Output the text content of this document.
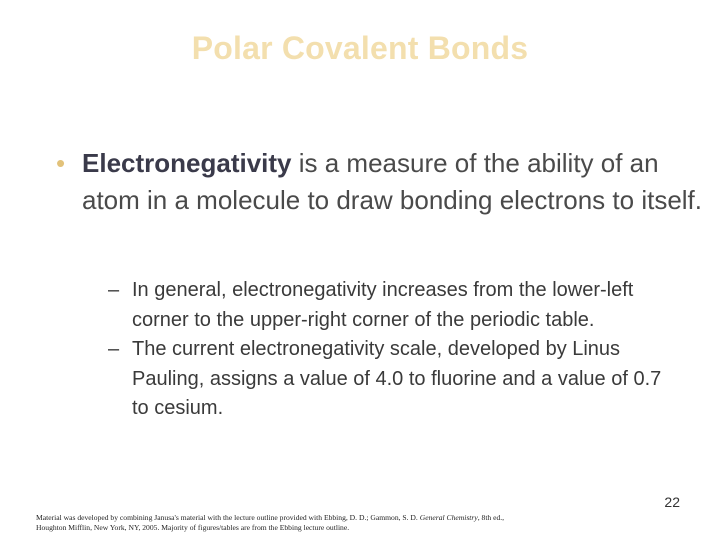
Polar Covalent Bonds
• Electronegativity is a measure of the ability of an atom in a molecule to draw bonding electrons to itself.
– In general, electronegativity increases from the lower-left corner to the upper-right corner of the periodic table.
– The current electronegativity scale, developed by Linus Pauling, assigns a value of 4.0 to fluorine and a value of 0.7 to cesium.
22
Material was developed by combining Janusa's material with the lecture outline provided with Ebbing, D. D.; Gammon, S. D. General Chemistry, 8th ed., Houghton Mifflin, New York, NY, 2005. Majority of figures/tables are from the Ebbing lecture outline.
